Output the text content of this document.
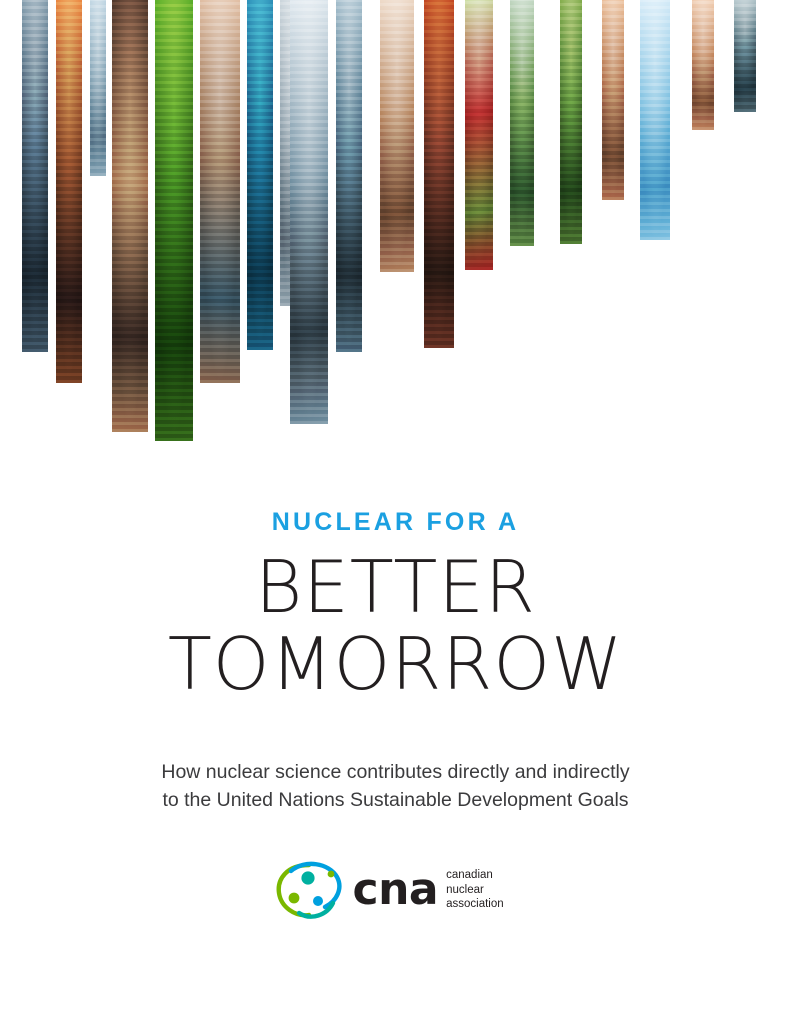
NUCLEAR FOR A
BETTER
TOMORROW
How nuclear science contributes directly and indirectly
to the United Nations Sustainable Development Goals
cna canadian
nuclear
association
